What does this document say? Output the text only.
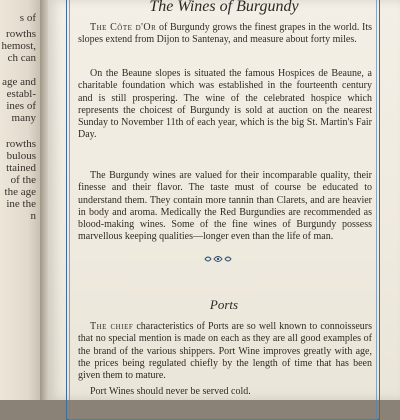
s of
rowths
hemost,
ch can
age and
establ-
ines of
many
rowths
bulous
ttained
of the
the age
ine the
n
The Wines of Burgundy
The Côte d'Or of Burgundy grows the finest grapes in the world. Its slopes extend from Dijon to Santenay, and measure about forty miles.
On the Beaune slopes is situated the famous Hospices de Beaune, a charitable foundation which was established in the fourteenth century and is still prospering. The wine of the celebrated hospice which represents the choicest of Burgundy is sold at auction on the nearest Sunday to November 11th of each year, which is the big St. Martin's Fair Day.
The Burgundy wines are valued for their incomparable quality, their finesse and their flavor. The taste must of course be educated to understand them. They contain more tannin than Clarets, and are heavier in body and aroma. Medically the Red Burgundies are recommended as blood-making wines. Some of the fine wines of Burgundy possess marvellous keeping qualities—longer even than the life of man.
Ports
The chief characteristics of Ports are so well known to connoisseurs that no special mention is made on each as they are all good examples of the brand of the various shippers. Port Wine improves greatly with age, the prices being regulated chiefly by the length of time that has been given them to mature.
Port Wines should never be served cold.
